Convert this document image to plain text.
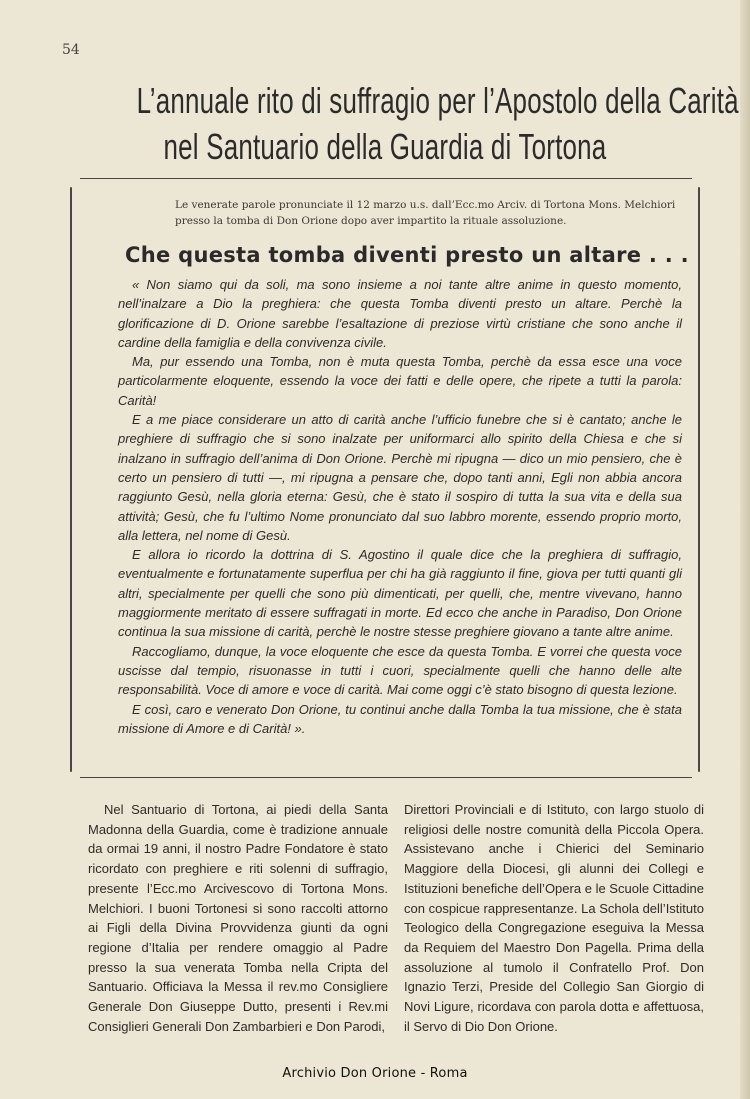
54
L’annuale rito di suffragio per l’Apostolo della Carità
nel Santuario della Guardia di Tortona
Le venerate parole pronunciate il 12 marzo u.s. dall’Ecc.mo Arciv. di Tortona Mons. Melchiori presso la tomba di Don Orione dopo aver impartito la rituale assoluzione.
Che questa tomba diventi presto un altare . . .

« Non siamo qui da soli, ma sono insieme a noi tante altre anime in questo momento, nell’inalzare a Dio la preghiera: che questa Tomba diventi presto un altare. Perchè la glorificazione di D. Orione sarebbe l’esaltazione di preziose virtù cristiane che sono anche il cardine della famiglia e della convivenza civile.

Ma, pur essendo una Tomba, non è muta questa Tomba, perchè da essa esce una voce particolarmente eloquente, essendo la voce dei fatti e delle opere, che ripete a tutti la parola: Carità!

E a me piace considerare un atto di carità anche l’ufficio funebre che si è cantato; anche le preghiere di suffragio che si sono inalzate per uniformarci allo spirito della Chiesa e che si inalzano in suffragio dell’anima di Don Orione. Perchè mi ripugna — dico un mio pensiero, che è certo un pensiero di tutti —, mi ripugna a pensare che, dopo tanti anni, Egli non abbia ancora raggiunto Gesù, nella gloria eterna: Gesù, che è stato il sospiro di tutta la sua vita e della sua attività; Gesù, che fu l’ultimo Nome pronunciato dal suo labbro morente, essendo proprio morto, alla lettera, nel nome di Gesù.

E allora io ricordo la dottrina di S. Agostino il quale dice che la preghiera di suffragio, eventualmente e fortunatamente superflua per chi ha già raggiunto il fine, giova per tutti quanti gli altri, specialmente per quelli che sono più dimenticati, per quelli, che, mentre vivevano, hanno maggiormente meritato di essere suffragati in morte. Ed ecco che anche in Paradiso, Don Orione continua la sua missione di carità, perchè le nostre stesse preghiere giovano a tante altre anime.

Raccogliamo, dunque, la voce eloquente che esce da questa Tomba. E vorrei che questa voce uscisse dal tempio, risuonasse in tutti i cuori, specialmente quelli che hanno delle alte responsabilità. Voce di amore e voce di carità. Mai come oggi c’è stato bisogno di questa lezione.

E così, caro e venerato Don Orione, tu continui anche dalla Tomba la tua missione, che è stata missione di Amore e di Carità! ».

Nel Santuario di Tortona, ai piedi della Santa Madonna della Guardia, come è tradizione annuale da ormai 19 anni, il nostro Padre Fondatore è stato ricordato con preghiere e riti solenni di suffragio, presente l’Ecc.mo Arcivescovo di Tortona Mons. Melchiori. I buoni Tortonesi si sono raccolti attorno ai Figli della Divina Provvidenza giunti da ogni regione d’Italia per rendere omaggio al Padre presso la sua venerata Tomba nella Cripta del Santuario. Officiava la Messa il rev.mo Consigliere Generale Don Giuseppe Dutto, presenti i Rev.mi Consiglieri Generali Don Zambarbieri e Don Parodi,
Direttori Provinciali e di Istituto, con largo stuolo di religiosi delle nostre comunità della Piccola Opera. Assistevano anche i Chierici del Seminario Maggiore della Diocesi, gli alunni dei Collegi e Istituzioni benefiche dell’Opera e le Scuole Cittadine con cospicue rappresentanze. La Schola dell’Istituto Teologico della Congregazione eseguiva la Messa da Requiem del Maestro Don Pagella. Prima della assoluzione al tumolo il Confratello Prof. Don Ignazio Terzi, Preside del Collegio San Giorgio di Novi Ligure, ricordava con parola dotta e affettuosa, il Servo di Dio Don Orione.
Archivio Don Orione - Roma
